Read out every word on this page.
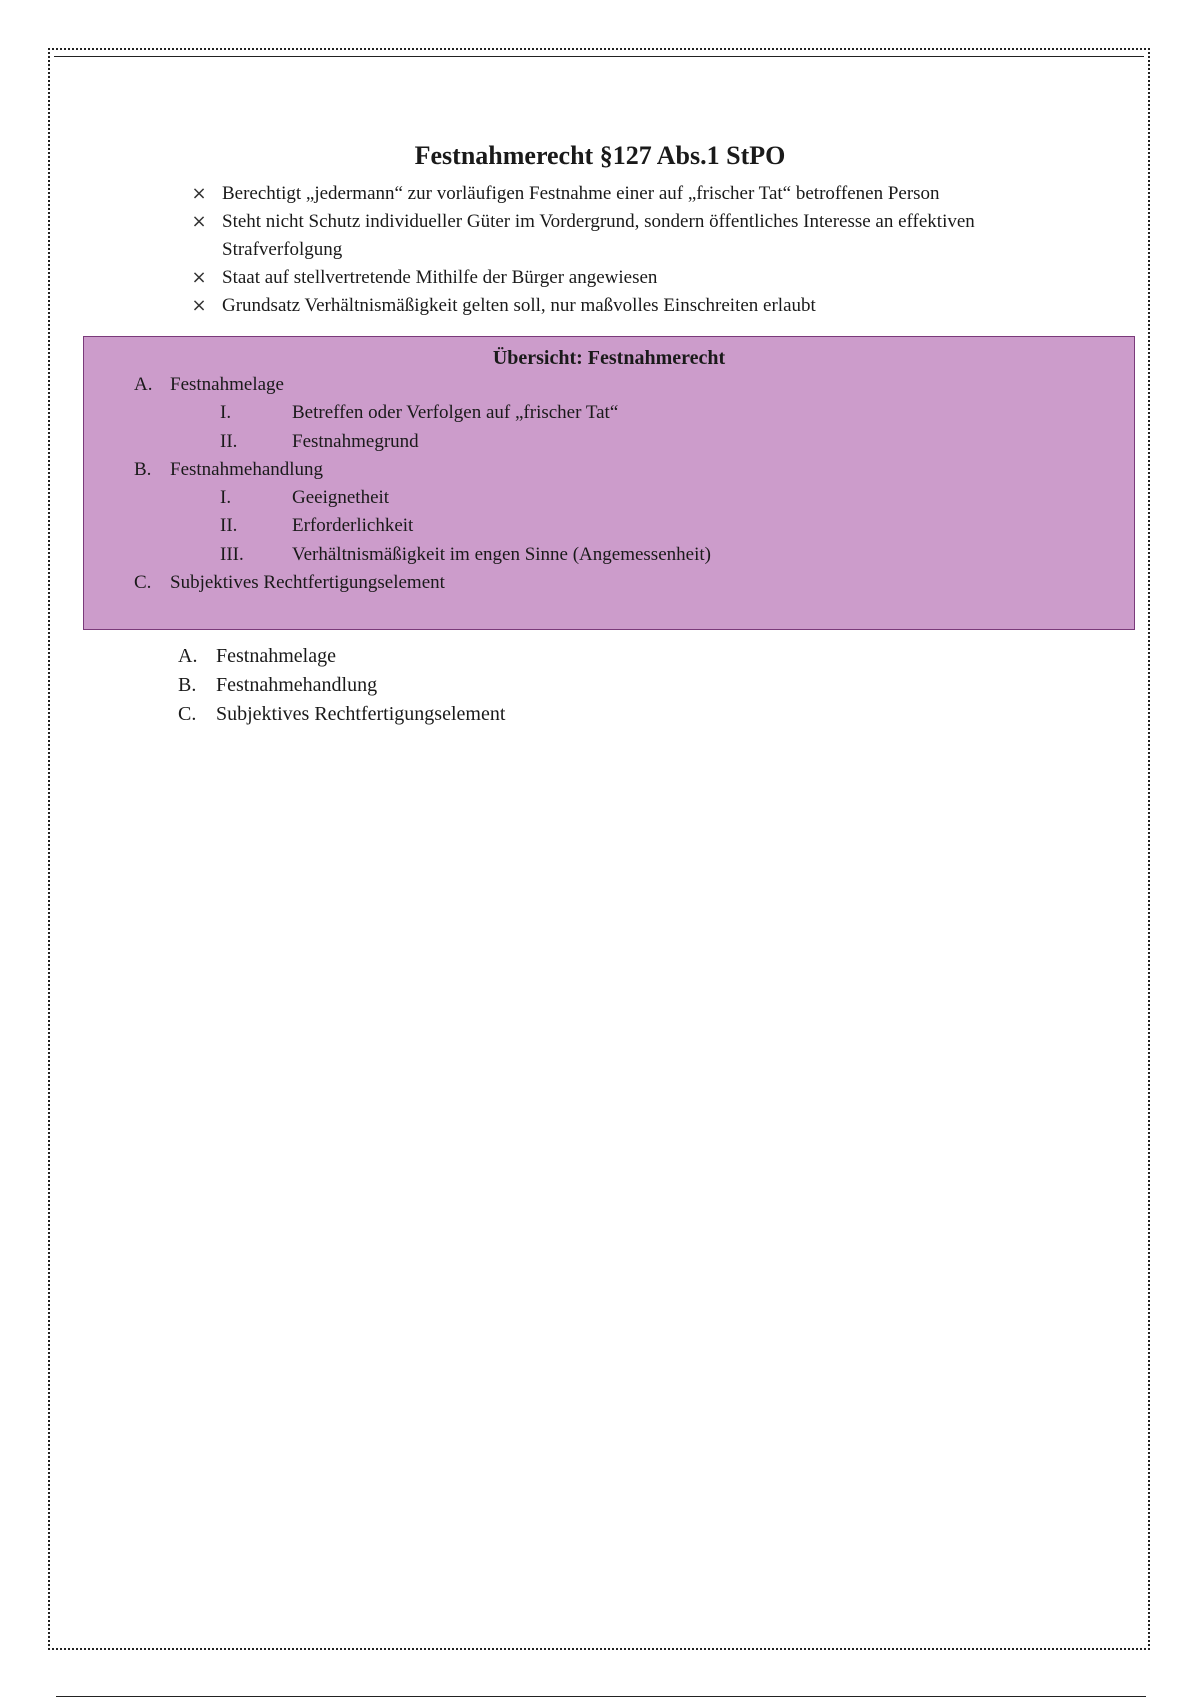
Festnahmerecht §127 Abs.1 StPO
× Berechtigt „jedermann“ zur vorläufigen Festnahme einer auf „frischer Tat“ betroffenen Person
× Steht nicht Schutz individueller Güter im Vordergrund, sondern öffentliches Interesse an effektiven Strafverfolgung
× Staat auf stellvertretende Mithilfe der Bürger angewiesen
× Grundsatz Verhältnismäßigkeit gelten soll, nur maßvolles Einschreiten erlaubt
Übersicht: Festnahmerecht
A. Festnahmelage
I.	Betreffen oder Verfolgen auf „frischer Tat“
II.	Festnahmegrund
B. Festnahmehandlung
I.	Geeignetheit
II.	Erforderlichkeit
III.	Verhältnismäßigkeit im engen Sinne (Angemessenheit)
C. Subjektives Rechtfertigungselement
A. Festnahmelage
B. Festnahmehandlung
C. Subjektives Rechtfertigungselement
